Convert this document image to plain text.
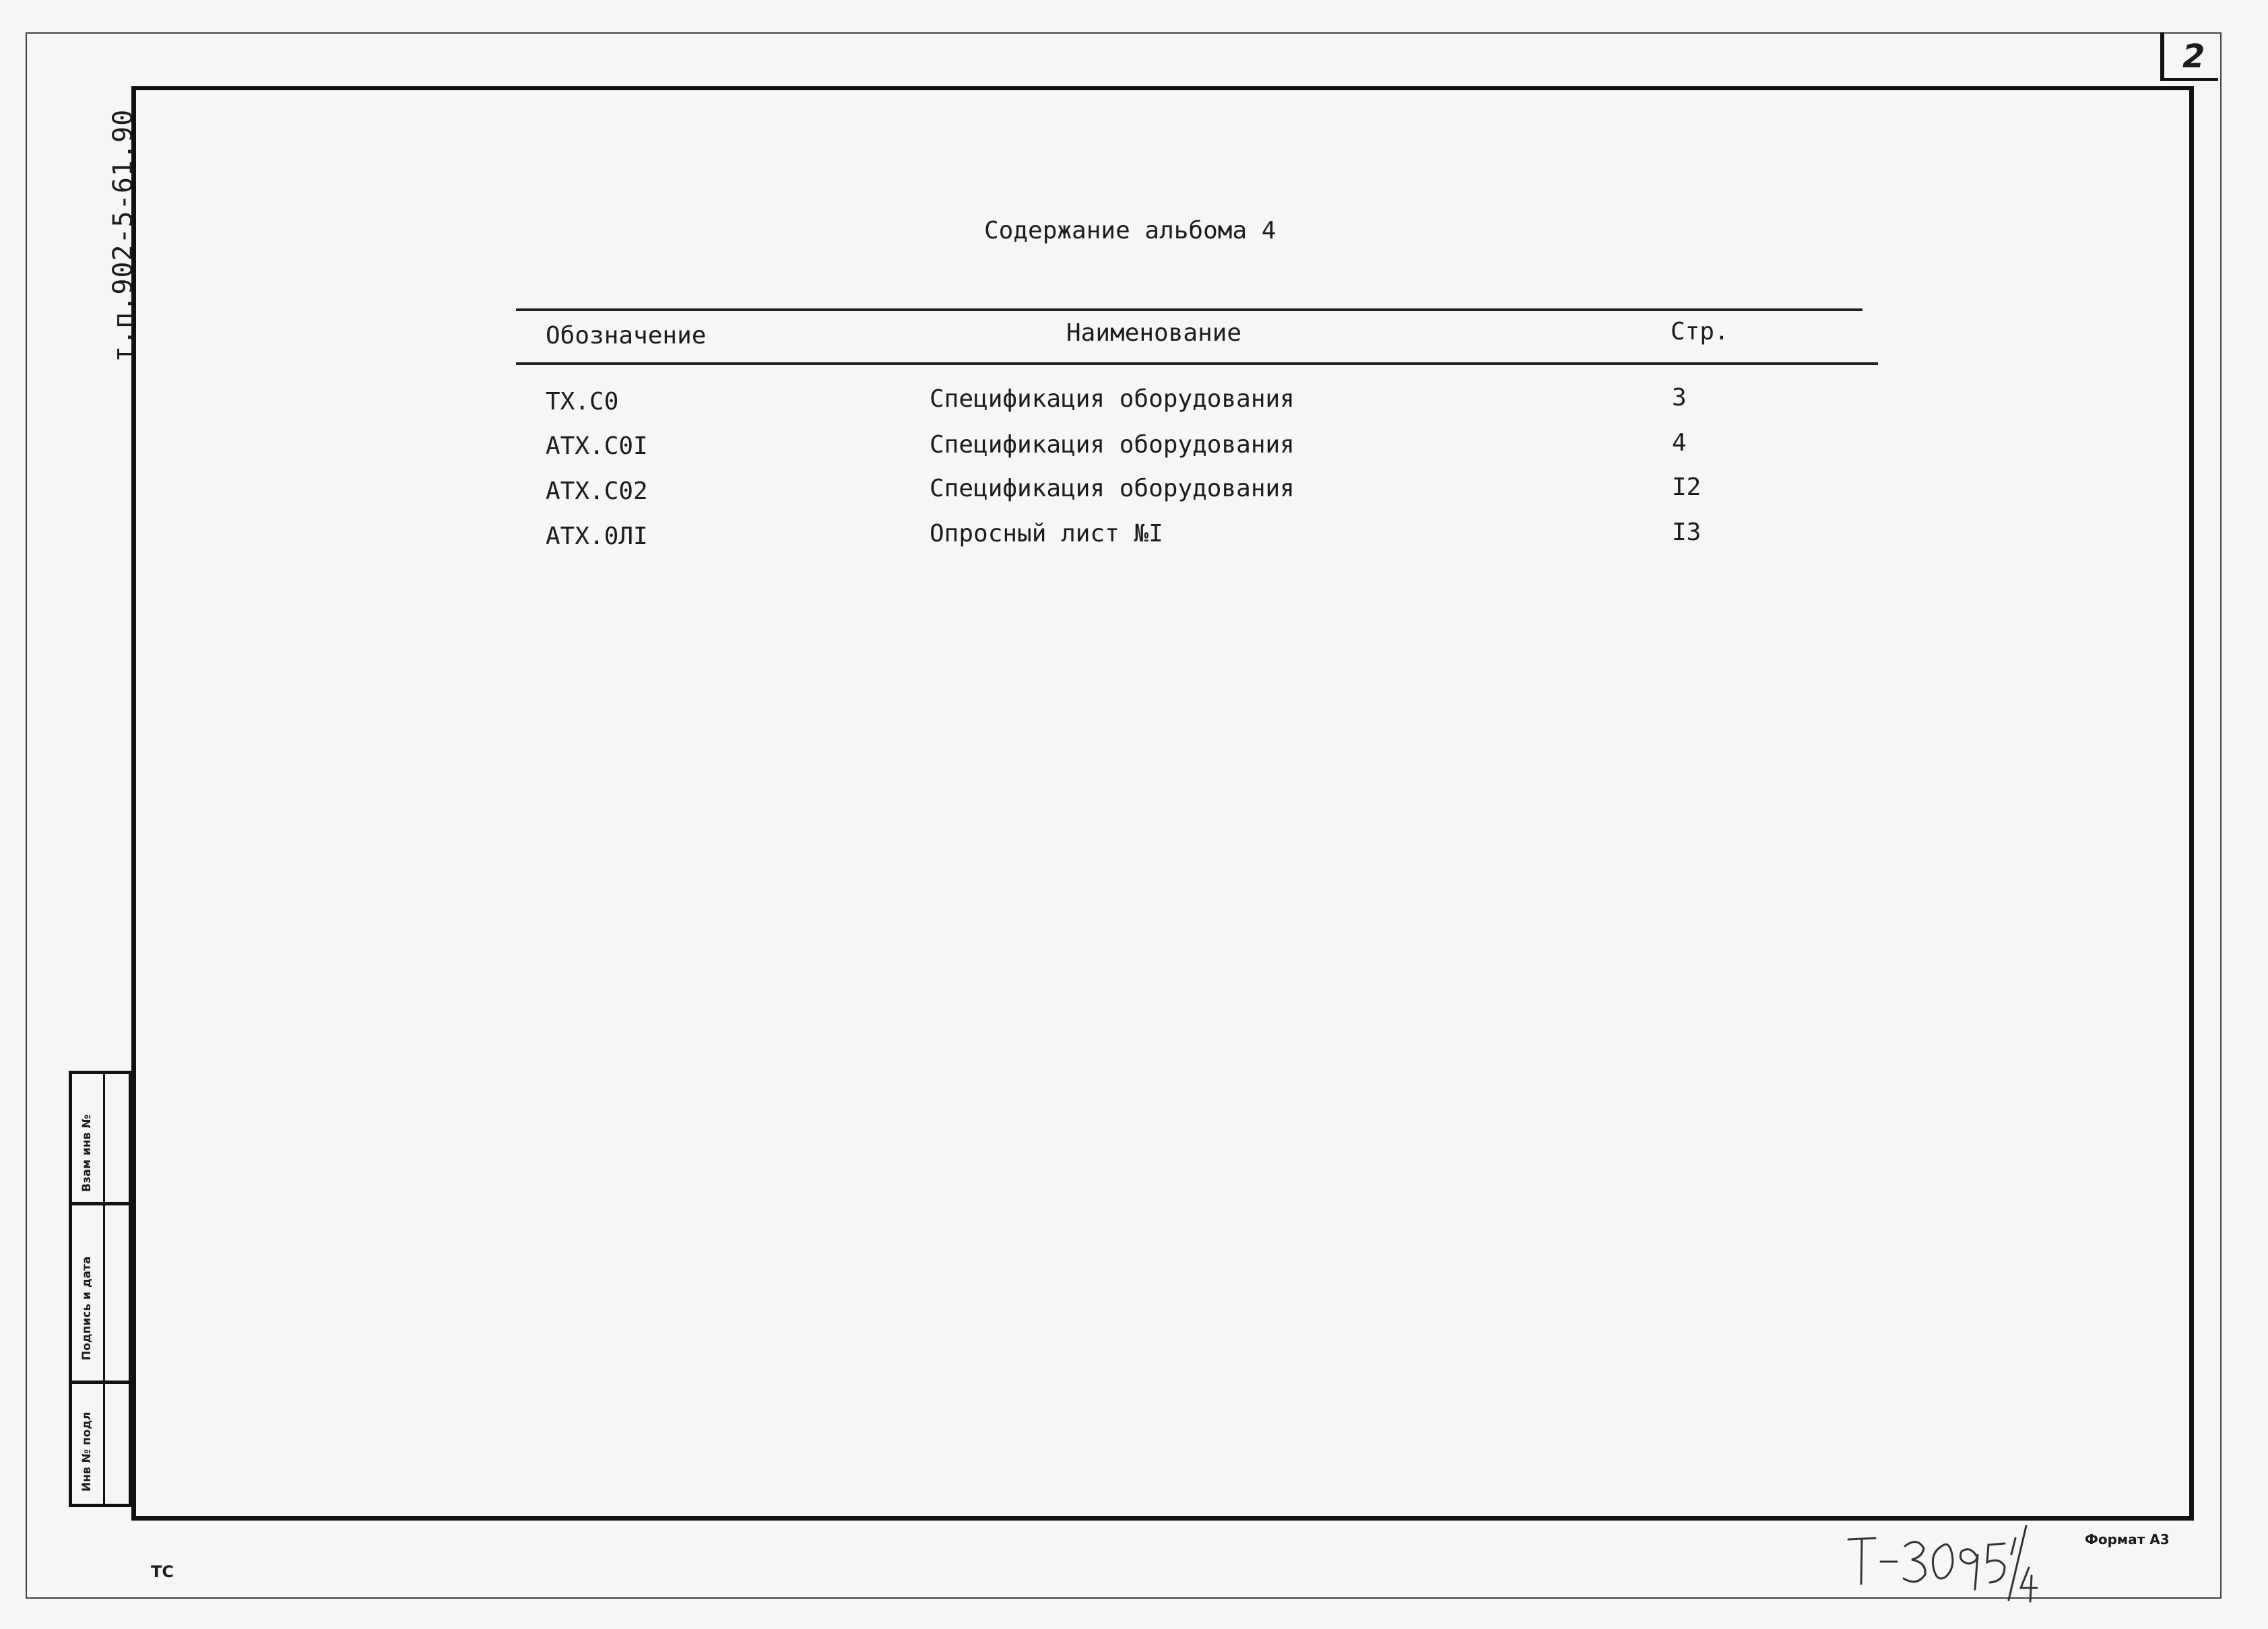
2
т.п.902-5-61.90	Содержание альбома 4
Обозначение	Наименование	Стр.
ТХ.С0	Спецификация оборудования	3
АТХ.С0I	Спецификация оборудования	4
АТХ.С02	Спецификация оборудования	I2
АТХ.0ЛI	Опросный лист №I	I3
Взам инв №
Подпись и дата
Инв № подл
ТС
Формат А3
